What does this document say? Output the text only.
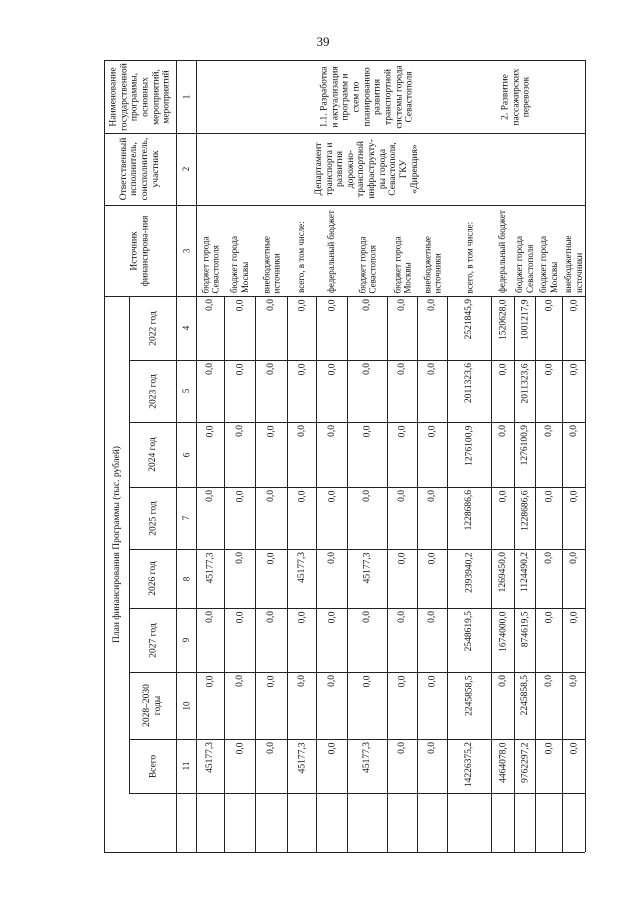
39
Наименование государственной программы, основных мероприятий, мероприятий
Ответственный исполнитель, соисполнитель, участник
Источник финансирова-ния
План финансирования Программы (тыс. рублей)
2022 год
2023 год
2024 год
2025 год
2026 год
2027 год
2028–2030 годы
Всего
1
2
3
4
5
6
7
8
9
10
11
бюджет города Севастополя
0,0
0,0
0,0
0,0
45177,3
0,0
0,0
45177,3
бюджет города Москвы
0,0
0,0
0,0
0,0
0,0
0,0
0,0
0,0
внебюджетные источники
0,0
0,0
0,0
0,0
0,0
0,0
0,0
0,0
1.1. Разработка и актуализация программ и схем по планированию развития транспортной системы города Севастополя
Департамент транспорта и развития дорожно-транспортной инфраструкту-ры города Севастополя, ГКУ «Дирекция»
всего, в том числе:
0,0
0,0
0,0
0,0
45177,3
0,0
0,0
45177,3
федеральный бюджет
0,0
0,0
0,0
0,0
0,0
0,0
0,0
0,0
бюджет города Севастополя
0,0
0,0
0,0
0,0
45177,3
0,0
0,0
45177,3
бюджет города Москвы
0,0
0,0
0,0
0,0
0,0
0,0
0,0
0,0
внебюджетные источники
0,0
0,0
0,0
0,0
0,0
0,0
0,0
0,0
2. Развитие пассажирских перевозок
всего, в том числе:
2521845,9
2011323,6
1276100,9
1228686,6
2393940,2
2548619,5
2245858,5
14226375,2
федеральный бюджет
1520628,0
0,0
0,0
0,0
1269450,0
1674000,0
0,0
4464078,0
бюджет города Севастополя
1001217,9
2011323,6
1276100,9
1228686,6
1124490,2
874619,5
2245858,5
9762297,2
бюджет города Москвы
0,0
0,0
0,0
0,0
0,0
0,0
0,0
0,0
внебюджетные источники
0,0
0,0
0,0
0,0
0,0
0,0
0,0
0,0
